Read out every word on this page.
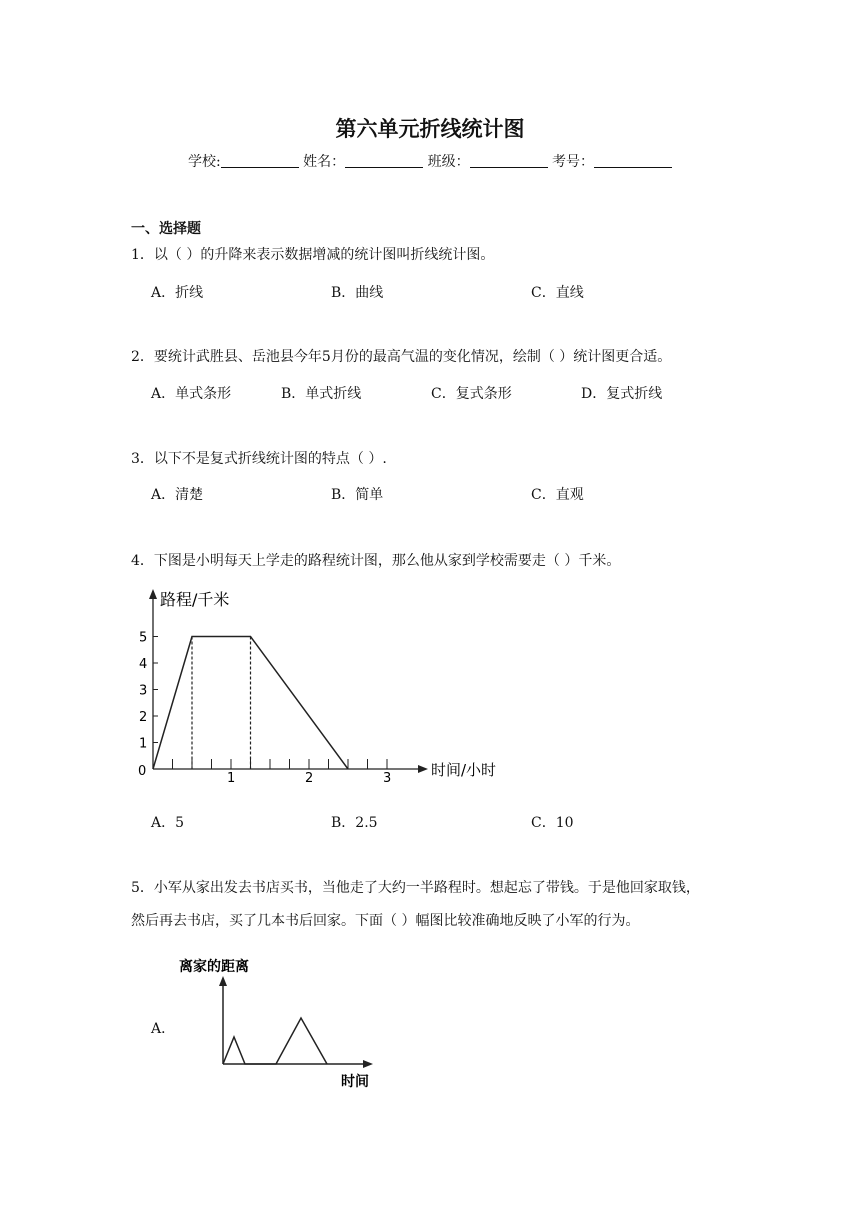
第六单元折线统计图
学校:	姓名：	班级：	考号：
一、选择题
1．以（ ）的升降来表示数据增减的统计图叫折线统计图。
A．折线	B．曲线	C．直线
2．要统计武胜县、岳池县今年5月份的最高气温的变化情况，绘制（ ）统计图更合适。
A．单式条形	B．单式折线	C．复式条形	D．复式折线
3．以下不是复式折线统计图的特点（ ）.
A．清楚	B．简单	C．直观
4．下图是小明每天上学走的路程统计图，那么他从家到学校需要走（ ）千米。
路程/千米
时间/小时
0
1
2
3
4
5
1	2	3
A．5	B．2.5	C．10
5．小军从家出发去书店买书，当他走了大约一半路程时。想起忘了带钱。于是他回家取钱，
然后再去书店，买了几本书后回家。下面（ ）幅图比较准确地反映了小军的行为。
A．
离家的距离
时间
